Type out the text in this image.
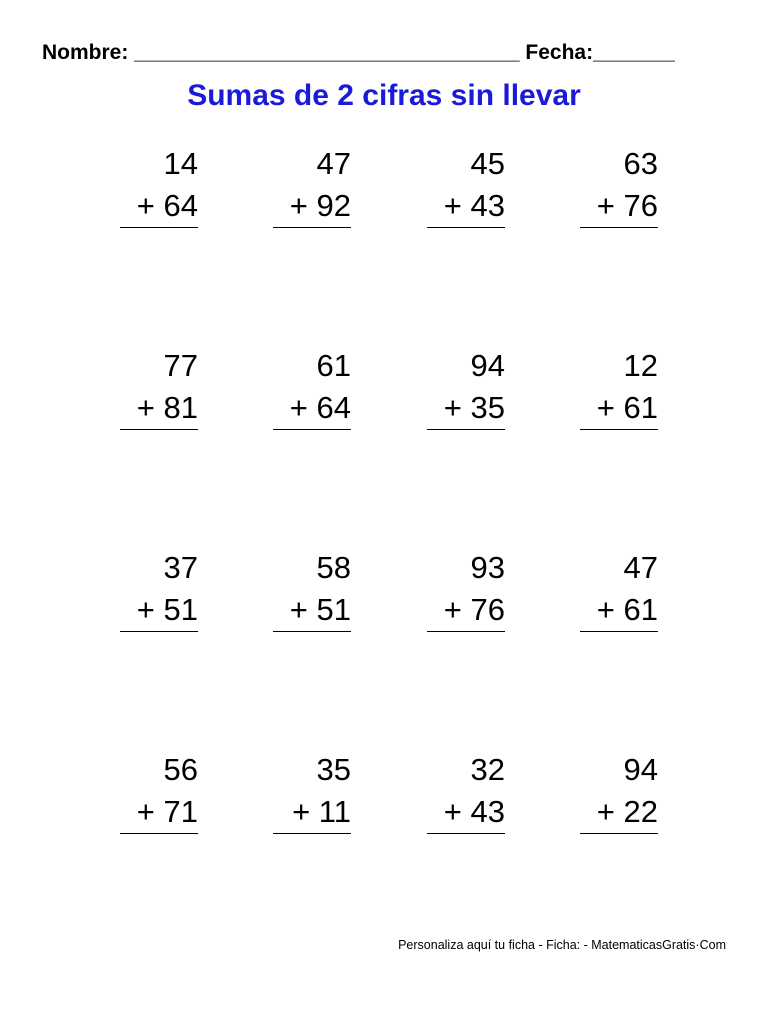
Nombre: _________________________________ Fecha:_______
Sumas de 2 cifras sin llevar
14
+ 64
47
+ 92
45
+ 43
63
+ 76
77
+ 81
61
+ 64
94
+ 35
12
+ 61
37
+ 51
58
+ 51
93
+ 76
47
+ 61
56
+ 71
35
+ 11
32
+ 43
94
+ 22
Personaliza aquí tu ficha - Ficha: - MatematicasGratis·Com
